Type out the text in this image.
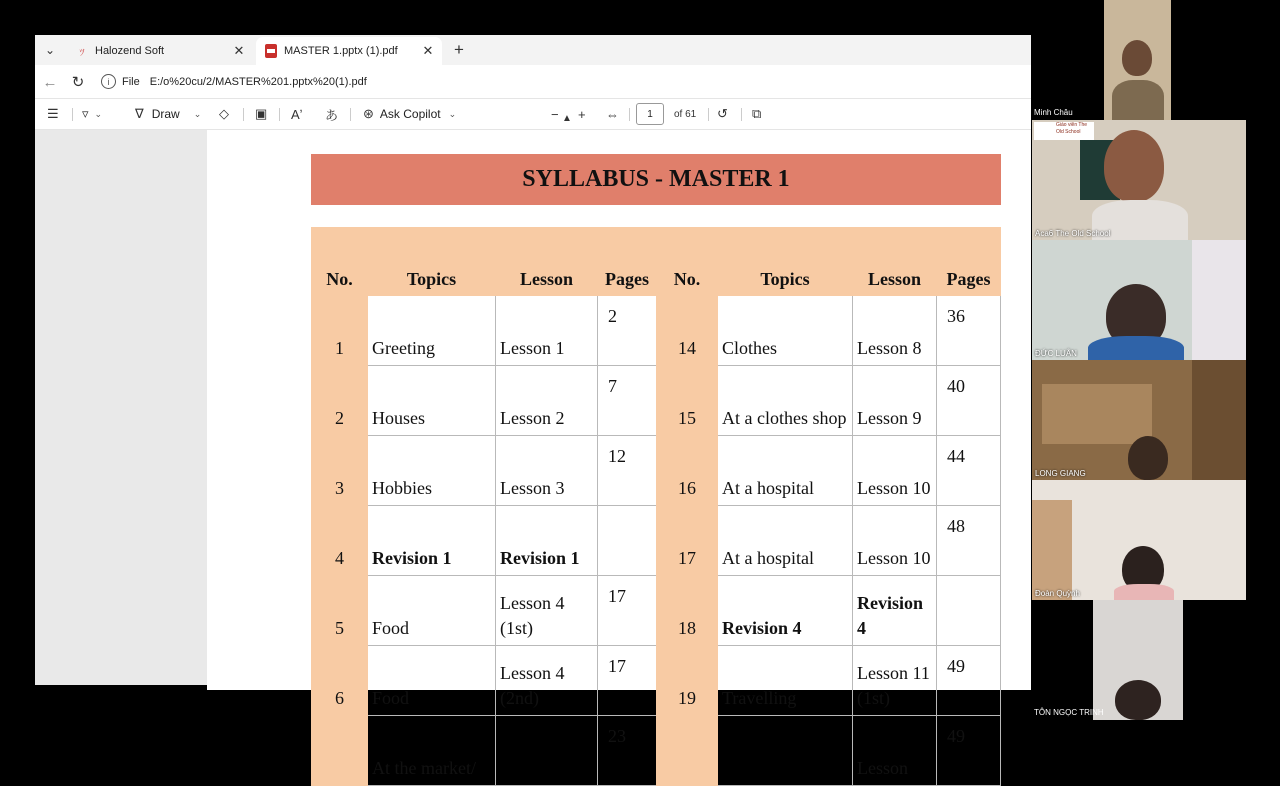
⌄	ﾂ Halozend Soft	✕	MASTER 1.pptx (1).pdf	✕ +
← ↻	i	File E:/o%20cu/2/MASTER%201.pptx%20(1).pdf
☰ ▿ ⌄	∇ Draw ⌄ ◇ ▣ A͏ʼ あ ⊛ Ask Copilot ⌄	− + ⇔	1	of 61 ↺ ⧉
▲
SYLLABUS - MASTER 1
No.	Topics	Lesson	Pages
1	Greeting	Lesson 1	2
2	Houses	Lesson 2	7
3	Hobbies	Lesson 3	12
4	Revision 1	Revision 1	
5	Food	Lesson 4 (1st)	17
6	Food	Lesson 4 (2nd)	17
	At the market/		23
No.	Topics	Lesson	Pages
14	Clothes	Lesson 8	36
15	At a clothes shop	Lesson 9	40
16	At a hospital	Lesson 10	44
17	At a hospital	Lesson 10	48
18	Revision 4	Revision 4	
19	Travelling	Lesson 11 (1st)	49
		Lesson	49
Minh Châu
Giáo viên The Old School
Aca6 The Old School
ĐỨC LUÂN
LONG GIANG
Đoàn Quỳnh
TÔN NGỌC TRINH
